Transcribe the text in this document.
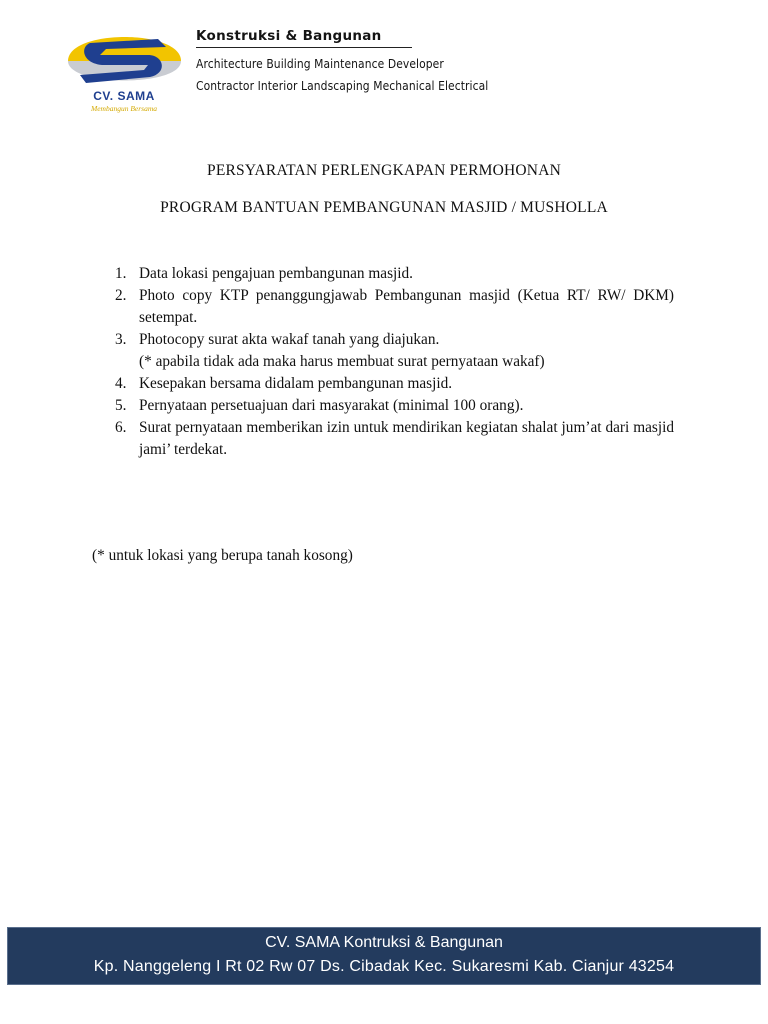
CV. SAMA
Membangun Bersama
Konstruksi & Bangunan
Architecture Building Maintenance Developer
Contractor Interior Landscaping Mechanical Electrical
PERSYARATAN PERLENGKAPAN PERMOHONAN
PROGRAM BANTUAN PEMBANGUNAN MASJID / MUSHOLLA
1. Data lokasi pengajuan pembangunan masjid.
2. Photo copy KTP penanggungjawab Pembangunan masjid (Ketua RT/ RW/ DKM) setempat.
3. Photocopy surat akta wakaf tanah yang diajukan.
(* apabila tidak ada maka harus membuat surat pernyataan wakaf)
4. Kesepakan bersama didalam pembangunan masjid.
5. Pernyataan persetuajuan dari masyarakat (minimal 100 orang).
6. Surat pernyataan memberikan izin untuk mendirikan kegiatan shalat jum’at dari masjid jami’ terdekat.
(* untuk lokasi yang berupa tanah kosong)
CV. SAMA Kontruksi & Bangunan
Kp. Nanggeleng I Rt 02 Rw 07 Ds. Cibadak Kec. Sukaresmi Kab. Cianjur 43254
